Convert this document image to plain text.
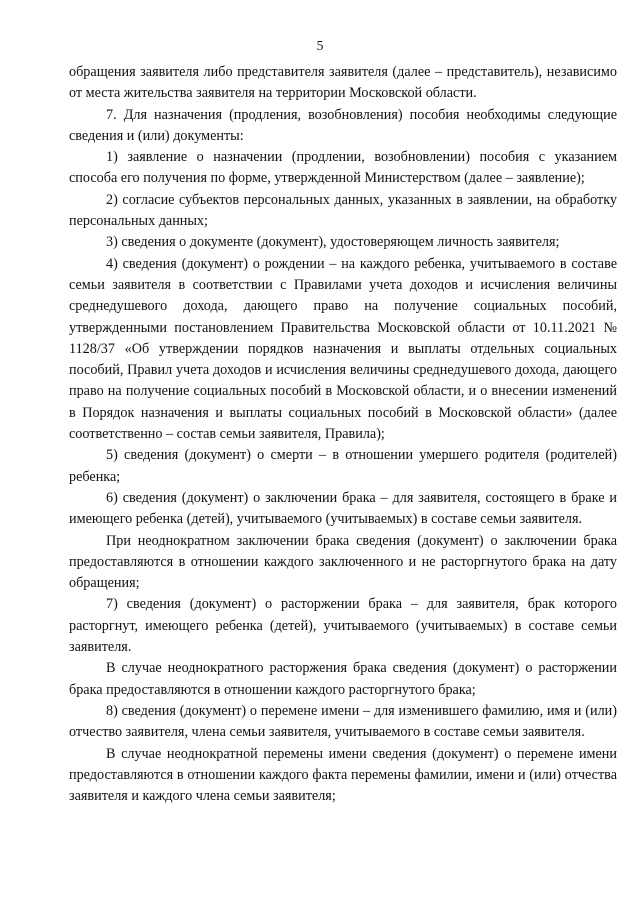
5

обращения заявителя либо представителя заявителя (далее – представитель), независимо от места жительства заявителя на территории Московской области.

7. Для назначения (продления, возобновления) пособия необходимы следующие сведения и (или) документы:

1) заявление о назначении (продлении, возобновлении) пособия с указанием способа его получения по форме, утвержденной Министерством (далее – заявление);

2) согласие субъектов персональных данных, указанных в заявлении, на обработку персональных данных;

3) сведения о документе (документ), удостоверяющем личность заявителя;

4) сведения (документ) о рождении – на каждого ребенка, учитываемого в составе семьи заявителя в соответствии с Правилами учета доходов и исчисления величины среднедушевого дохода, дающего право на получение социальных пособий, утвержденными постановлением Правительства Московской области от 10.11.2021 № 1128/37 «Об утверждении порядков назначения и выплаты отдельных социальных пособий, Правил учета доходов и исчисления величины среднедушевого дохода, дающего право на получение социальных пособий в Московской области, и о внесении изменений в Порядок назначения и выплаты социальных пособий в Московской области» (далее соответственно – состав семьи заявителя, Правила);

5) сведения (документ) о смерти – в отношении умершего родителя (родителей) ребенка;

6) сведения (документ) о заключении брака – для заявителя, состоящего в браке и имеющего ребенка (детей), учитываемого (учитываемых) в составе семьи заявителя.

При неоднократном заключении брака сведения (документ) о заключении брака предоставляются в отношении каждого заключенного и не расторгнутого брака на дату обращения;

7) сведения (документ) о расторжении брака – для заявителя, брак которого расторгнут, имеющего ребенка (детей), учитываемого (учитываемых) в составе семьи заявителя.

В случае неоднократного расторжения брака сведения (документ) о расторжении брака предоставляются в отношении каждого расторгнутого брака;

8) сведения (документ) о перемене имени – для изменившего фамилию, имя и (или) отчество заявителя, члена семьи заявителя, учитываемого в составе семьи заявителя.

В случае неоднократной перемены имени сведения (документ) о перемене имени предоставляются в отношении каждого факта перемены фамилии, имени и (или) отчества заявителя и каждого члена семьи заявителя;
